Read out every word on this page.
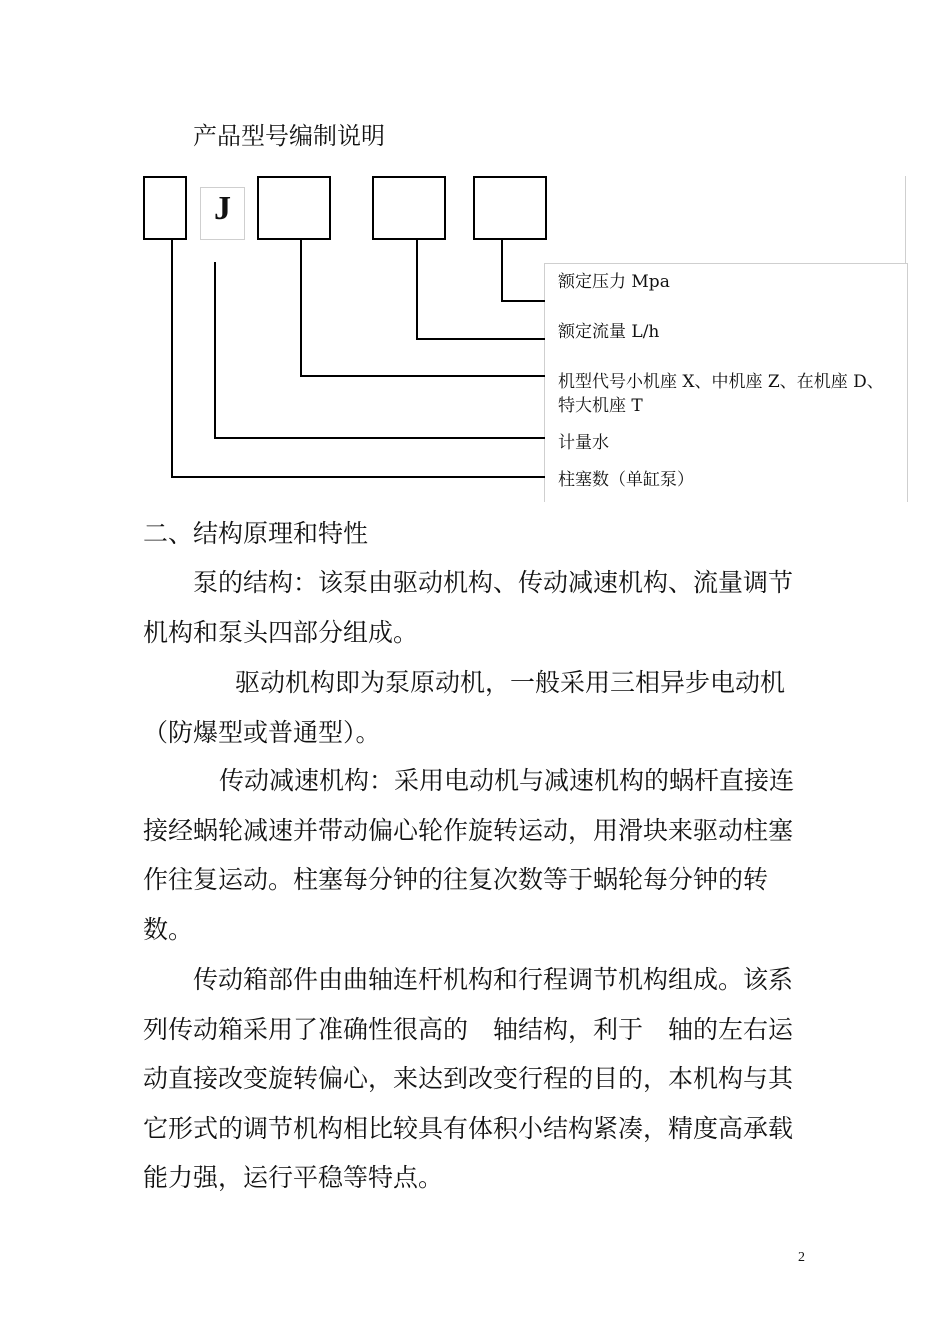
产品型号编制说明
J
额定压力 Mpa
额定流量 L/h
机型代号小机座 X、中机座 Z、在机座 D、
特大机座 T
计量水
柱塞数（单缸泵）
二、结构原理和特性

泵的结构：该泵由驱动机构、传动减速机构、流量调节

机构和泵头四部分组成。

驱动机构即为泵原动机，一般采用三相异步电动机

（防爆型或普通型）。

传动减速机构：采用电动机与减速机构的蜗杆直接连

接经蜗轮减速并带动偏心轮作旋转运动，用滑块来驱动柱塞

作往复运动。柱塞每分钟的往复次数等于蜗轮每分钟的转

数。

传动箱部件由曲轴连杆机构和行程调节机构组成。该系

列传动箱采用了准确性很高的　轴结构，利于　轴的左右运

动直接改变旋转偏心，来达到改变行程的目的，本机构与其

它形式的调节机构相比较具有体积小结构紧凑，精度高承载

能力强，运行平稳等特点。

2
